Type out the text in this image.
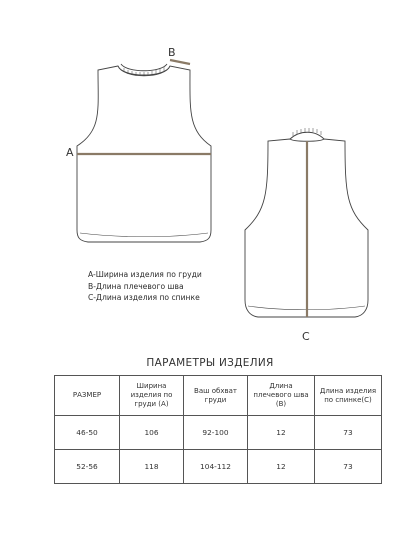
A
B
C
A-Ширина изделия по груди
B-Длина плечевого шва
C-Длина изделия по спинке
ПАРАМЕТРЫ ИЗДЕЛИЯ
РАЗМЕР	Ширина изделия по груди (А)	Ваш обхват груди	Длина плечевого шва (B)	Длина изделия по спинке(C)
46-50	106	92-100	12	73
52-56	118	104-112	12	73
